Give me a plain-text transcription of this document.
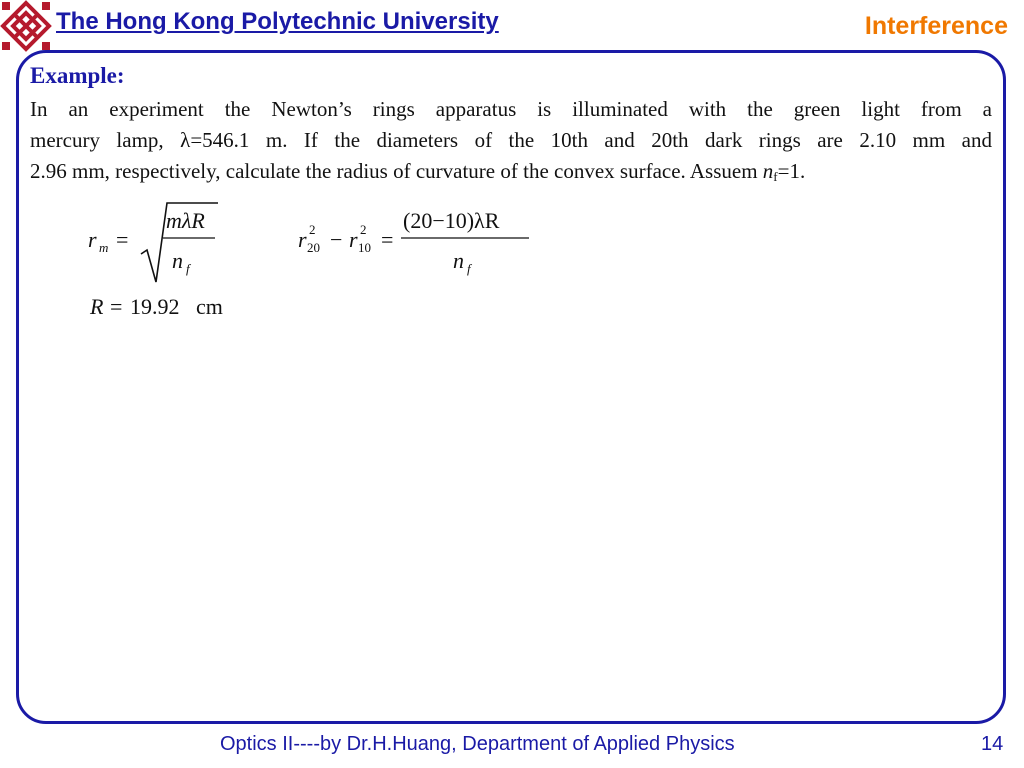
The Hong Kong Polytechnic University	Interference
Example:
In an experiment the Newton’s rings apparatus is illuminated with the green light from a
mercury lamp, λ=546.1 m. If the diameters of the 10th and 20th dark rings are 2.10 mm and
2.96 mm, respectively, calculate the radius of curvature of the convex surface. Assuem $n_f=1$.
r m =
mλR
n f
r 2
20 − r 2
10 =
(20−10)λR
n f
R = 19.92 cm
Optics II----by Dr.H.Huang, Department of Applied Physics	14
